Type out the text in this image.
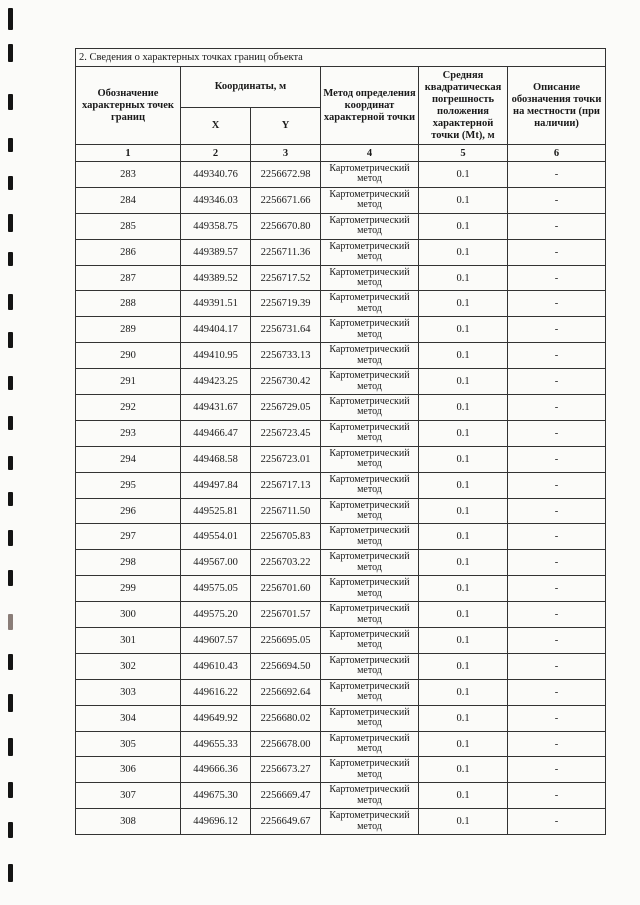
2. Сведения о характерных точках границ объекта					
Обозначение характерных точек границ	Координаты, м		Метод определения координат характерной точки	Средняя квадратическая погрешность положения характерной точки (Mt), м	Описание обозначения точки на местности (при наличии)
	X	Y			
1	2	3	4	5	6
283	449340.76	2256672.98	Картометрический метод	0.1	-
284	449346.03	2256671.66	Картометрический метод	0.1	-
285	449358.75	2256670.80	Картометрический метод	0.1	-
286	449389.57	2256711.36	Картометрический метод	0.1	-
287	449389.52	2256717.52	Картометрический метод	0.1	-
288	449391.51	2256719.39	Картометрический метод	0.1	-
289	449404.17	2256731.64	Картометрический метод	0.1	-
290	449410.95	2256733.13	Картометрический метод	0.1	-
291	449423.25	2256730.42	Картометрический метод	0.1	-
292	449431.67	2256729.05	Картометрический метод	0.1	-
293	449466.47	2256723.45	Картометрический метод	0.1	-
294	449468.58	2256723.01	Картометрический метод	0.1	-
295	449497.84	2256717.13	Картометрический метод	0.1	-
296	449525.81	2256711.50	Картометрический метод	0.1	-
297	449554.01	2256705.83	Картометрический метод	0.1	-
298	449567.00	2256703.22	Картометрический метод	0.1	-
299	449575.05	2256701.60	Картометрический метод	0.1	-
300	449575.20	2256701.57	Картометрический метод	0.1	-
301	449607.57	2256695.05	Картометрический метод	0.1	-
302	449610.43	2256694.50	Картометрический метод	0.1	-
303	449616.22	2256692.64	Картометрический метод	0.1	-
304	449649.92	2256680.02	Картометрический метод	0.1	-
305	449655.33	2256678.00	Картометрический метод	0.1	-
306	449666.36	2256673.27	Картометрический метод	0.1	-
307	449675.30	2256669.47	Картометрический метод	0.1	-
308	449696.12	2256649.67	Картометрический метод	0.1	-
